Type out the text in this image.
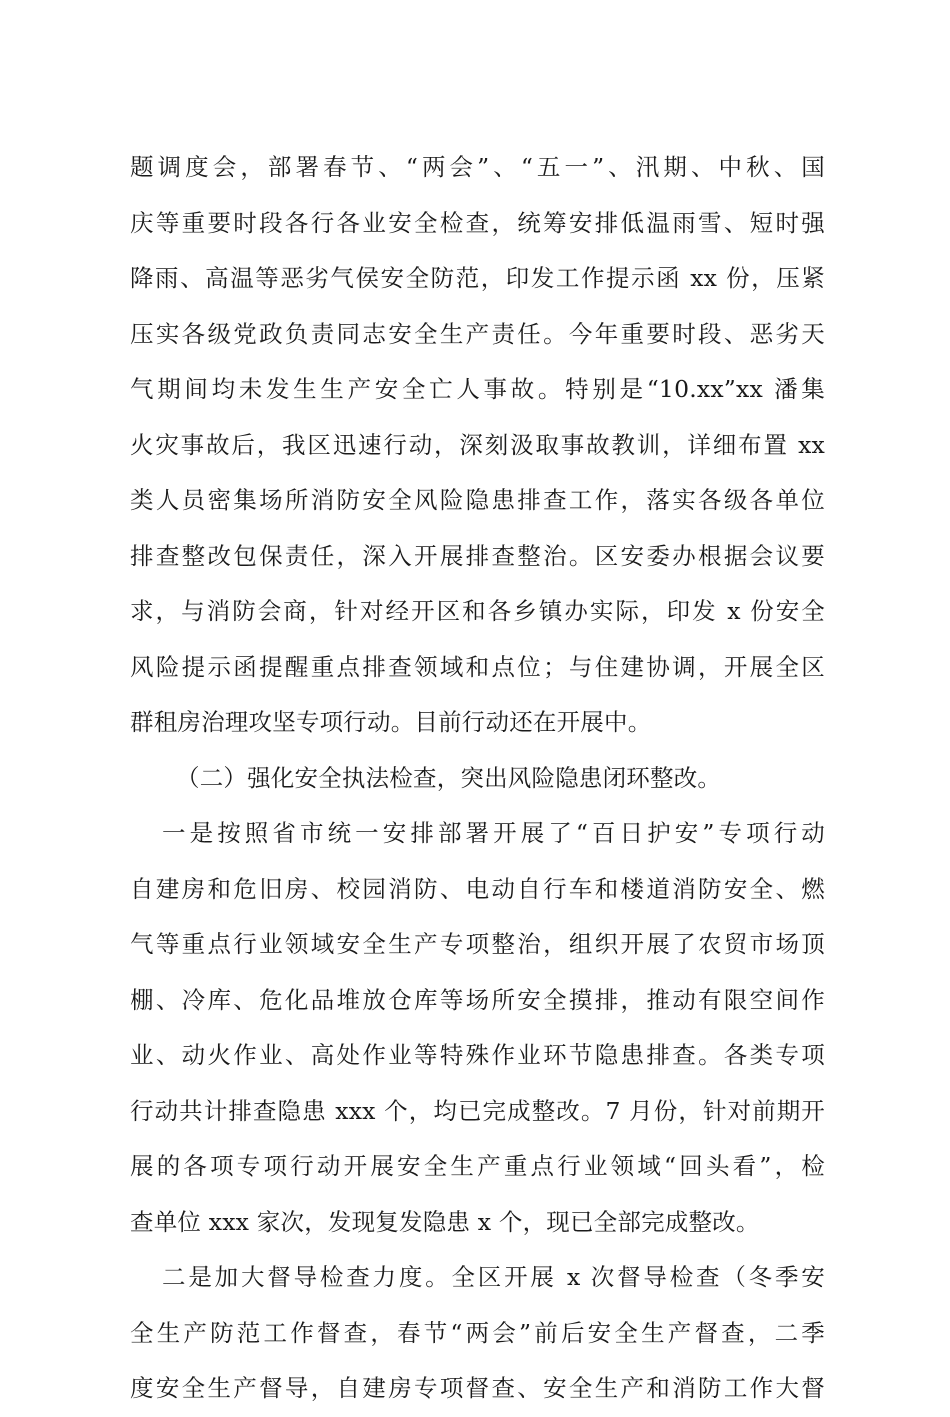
题调度会，部署春节、“两会”、“五一”、汛期、中秋、国
庆等重要时段各行各业安全检查，统筹安排低温雨雪、短时强
降雨、高温等恶劣气侯安全防范，印发工作提示函 xx 份，压紧
压实各级党政负责同志安全生产责任。今年重要时段、恶劣天
气期间均未发生生产安全亡人事故。特别是“10.xx”xx 潘集
火灾事故后，我区迅速行动，深刻汲取事故教训，详细布置 xx
类人员密集场所消防安全风险隐患排查工作，落实各级各单位
排查整改包保责任，深入开展排查整治。区安委办根据会议要
求，与消防会商，针对经开区和各乡镇办实际，印发 x 份安全
风险提示函提醒重点排查领域和点位；与住建协调，开展全区
群租房治理攻坚专项行动。目前行动还在开展中。

（二）强化安全执法检查，突出风险隐患闭环整改。

一是按照省市统一安排部署开展了“百日护安”专项行动
自建房和危旧房、校园消防、电动自行车和楼道消防安全、燃
气等重点行业领域安全生产专项整治，组织开展了农贸市场顶
棚、冷库、危化品堆放仓库等场所安全摸排，推动有限空间作
业、动火作业、高处作业等特殊作业环节隐患排查。各类专项
行动共计排查隐患 xxx 个，均已完成整改。7 月份，针对前期开
展的各项专项行动开展安全生产重点行业领域“回头看”，检
查单位 xxx 家次，发现复发隐患 x 个，现已全部完成整改。

二是加大督导检查力度。全区开展 x 次督导检查（冬季安
全生产防范工作督查，春节“两会”前后安全生产督查，二季
度安全生产督导，自建房专项督查、安全生产和消防工作大督
